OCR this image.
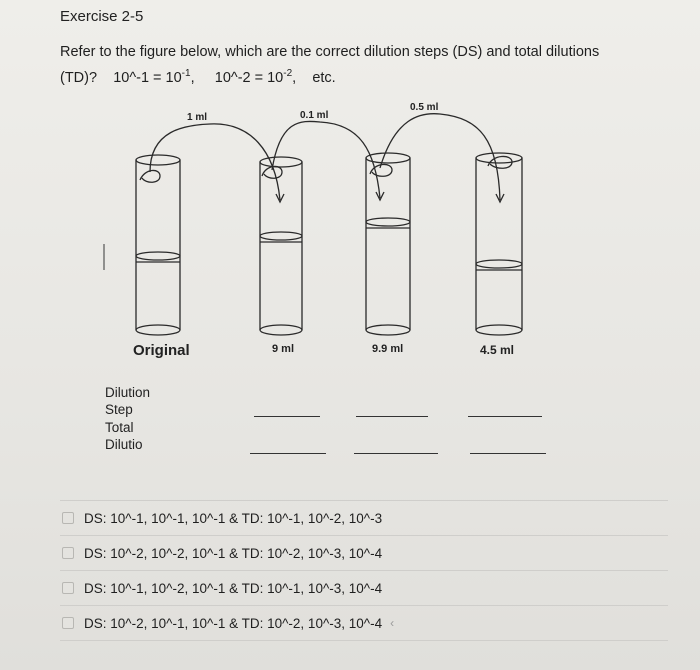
Exercise 2-5
Refer to the figure below, which are the correct dilution steps (DS) and total dilutions
(TD)? 10^-1 = $10^{-1}$, 10^-2 = $10^{-2}$, etc.
1 ml	0.1 ml
0.5 ml
Original	9 ml	9.9 ml	4.5 ml
Dilution
Step
Total
Dilutio
DS: 10^-1, 10^-1, 10^-1 & TD: 10^-1, 10^-2, 10^-3
DS: 10^-2, 10^-2, 10^-1 & TD: 10^-2, 10^-3, 10^-4
DS: 10^-1, 10^-2, 10^-1 & TD: 10^-1, 10^-3, 10^-4
DS: 10^-2, 10^-1, 10^-1 & TD: 10^-2, 10^-3, 10^-4 ‹
